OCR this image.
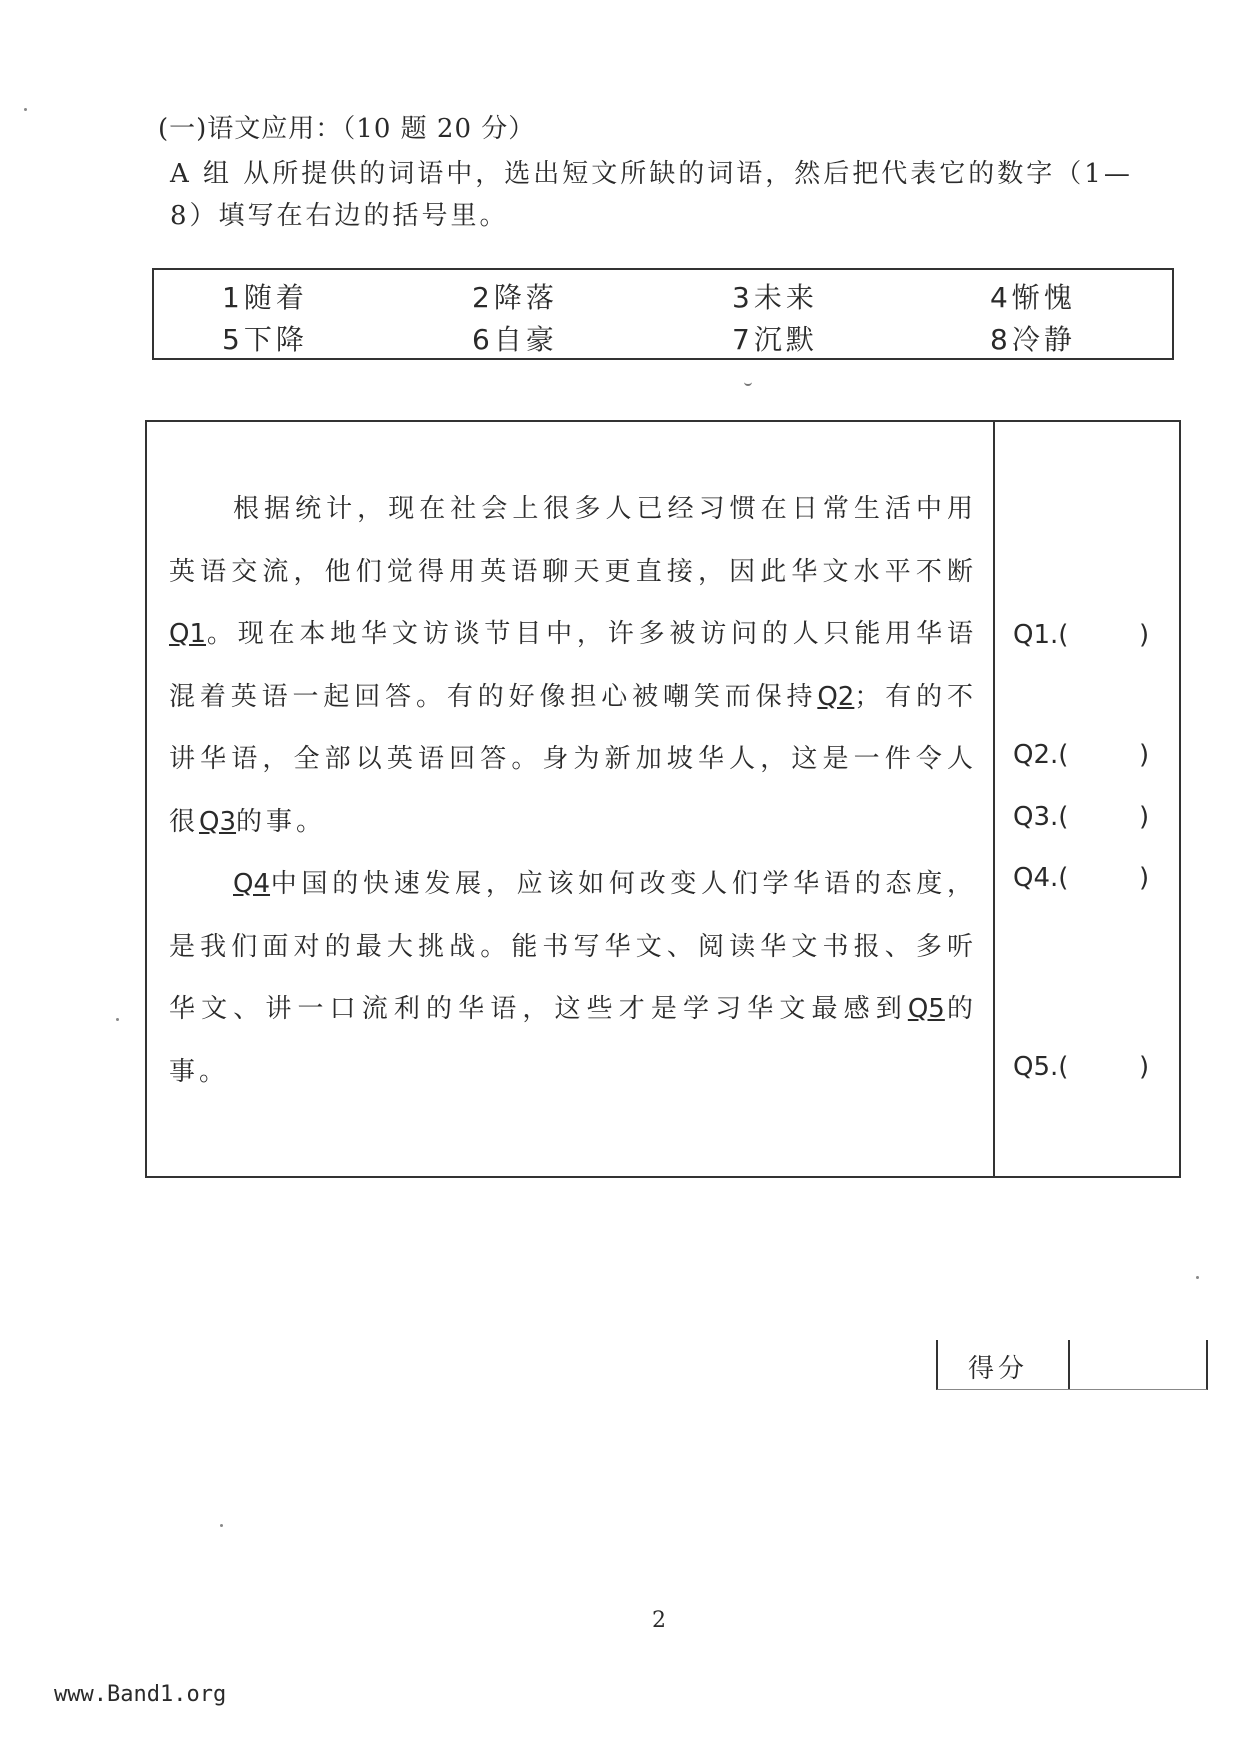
(一)语文应用：（10 题 20 分）
A 组 从所提供的词语中，选出短文所缺的词语，然后把代表它的数字（1—8）填写在右边的括号里。
1随着	2降落	3未来	4惭愧
5下降	6自豪	7沉默	8冷静
根据统计，现在社会上很多人已经习惯在日常生活中用英语交流，他们觉得用英语聊天更直接，因此华文水平不断Q1。现在本地华文访谈节目中，许多被访问的人只能用华语混着英语一起回答。有的好像担心被嘲笑而保持Q2；有的不讲华语，全部以英语回答。身为新加坡华人，这是一件令人很Q3的事。
Q4中国的快速发展，应该如何改变人们学华语的态度，是我们面对的最大挑战。能书写华文、阅读华文书报、多听华文、讲一口流利的华语，这些才是学习华文最感到Q5的事。
Q1.(	)
Q2.(	)
Q3.(	)
Q4.(	)
Q5.(	)
得分
2
www.Band1.org
